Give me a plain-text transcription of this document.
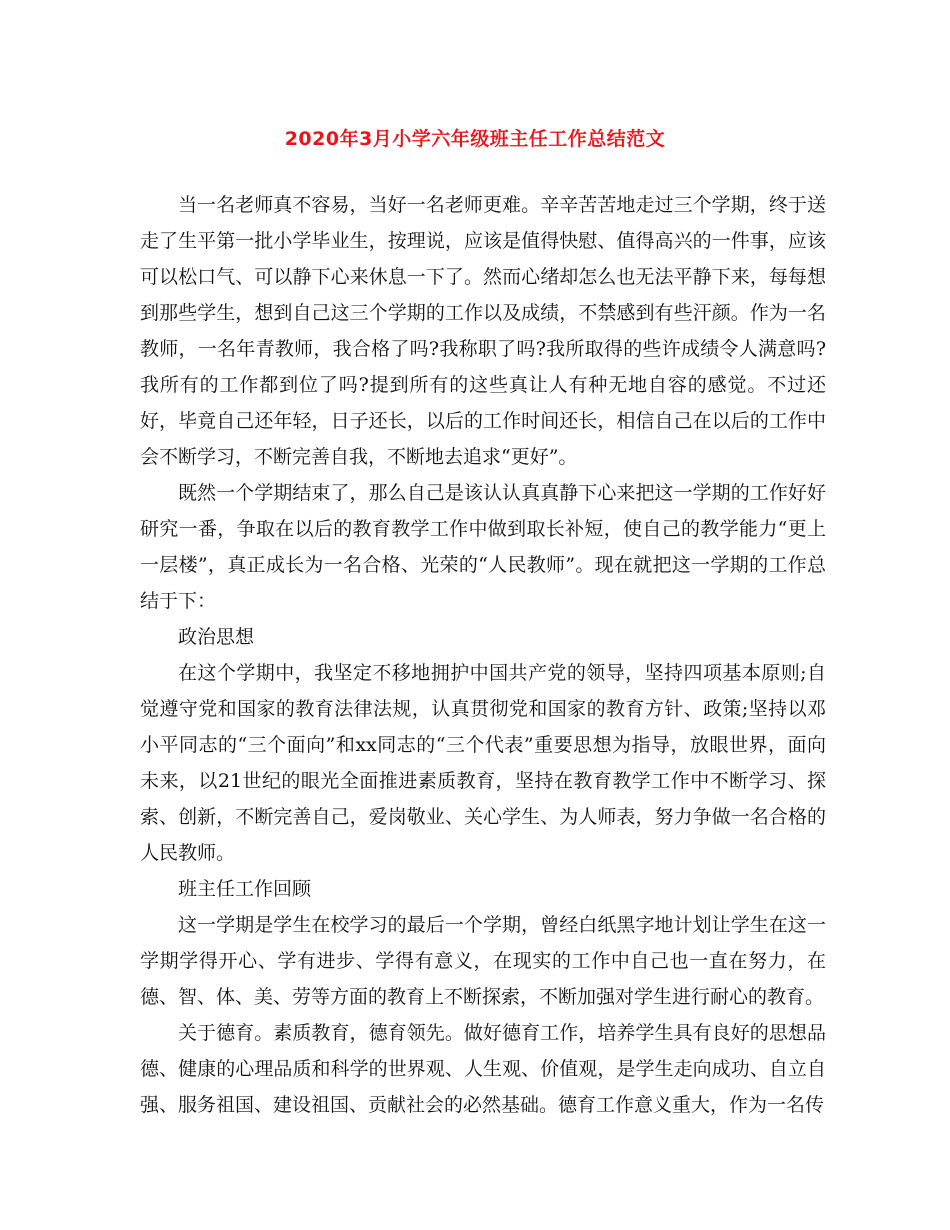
2020年3月小学六年级班主任工作总结范文

当一名老师真不容易，当好一名老师更难。辛辛苦苦地走过三个学期，终于送走了生平第一批小学毕业生，按理说，应该是值得快慰、值得高兴的一件事，应该可以松口气、可以静下心来休息一下了。然而心绪却怎么也无法平静下来，每每想到那些学生，想到自己这三个学期的工作以及成绩，不禁感到有些汗颜。作为一名教师，一名年青教师，我合格了吗?我称职了吗?我所取得的些许成绩令人满意吗?我所有的工作都到位了吗?提到所有的这些真让人有种无地自容的感觉。不过还好，毕竟自己还年轻，日子还长，以后的工作时间还长，相信自己在以后的工作中会不断学习，不断完善自我，不断地去追求“更好”。

既然一个学期结束了，那么自己是该认认真真静下心来把这一学期的工作好好研究一番，争取在以后的教育教学工作中做到取长补短，使自己的教学能力“更上一层楼”，真正成长为一名合格、光荣的“人民教师”。现在就把这一学期的工作总结于下：

政治思想

在这个学期中，我坚定不移地拥护中国共产党的领导，坚持四项基本原则;自觉遵守党和国家的教育法律法规，认真贯彻党和国家的教育方针、政策;坚持以邓小平同志的“三个面向”和xx同志的“三个代表”重要思想为指导，放眼世界，面向未来，以21世纪的眼光全面推进素质教育，坚持在教育教学工作中不断学习、探索、创新，不断完善自己，爱岗敬业、关心学生、为人师表，努力争做一名合格的人民教师。

班主任工作回顾

这一学期是学生在校学习的最后一个学期，曾经白纸黑字地计划让学生在这一学期学得开心、学有进步、学得有意义，在现实的工作中自己也一直在努力，在德、智、体、美、劳等方面的教育上不断探索，不断加强对学生进行耐心的教育。

关于德育。素质教育，德育领先。做好德育工作，培养学生具有良好的思想品德、健康的心理品质和科学的世界观、人生观、价值观，是学生走向成功、自立自强、服务祖国、建设祖国、贡献社会的必然基础。德育工作意义重大，作为一名传
